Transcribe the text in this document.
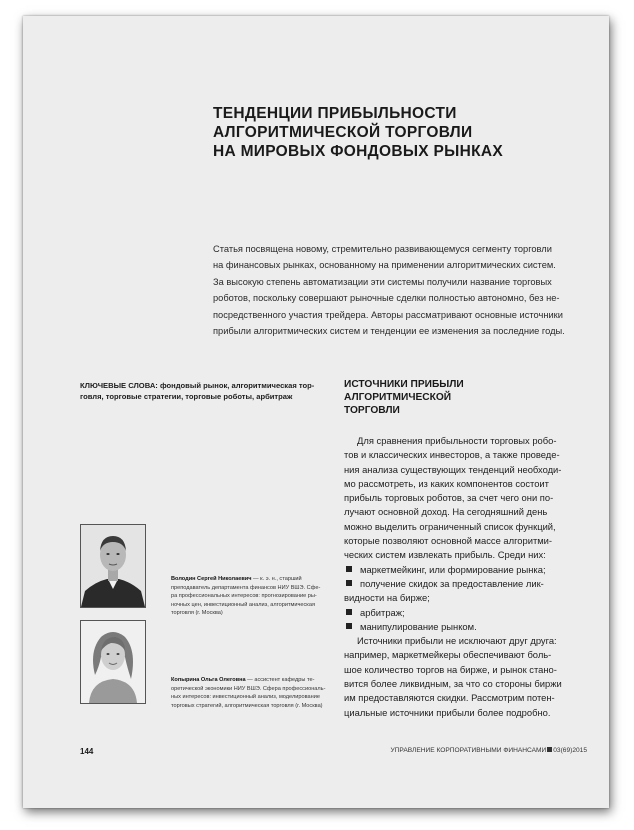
ТЕНДЕНЦИИ ПРИБЫЛЬНОСТИ
АЛГОРИТМИЧЕСКОЙ ТОРГОВЛИ
НА МИРОВЫХ ФОНДОВЫХ РЫНКАХ
Статья посвящена новому, стремительно развивающемуся сегменту торговли
на финансовых рынках, основанному на применении алгоритмических систем.
За высокую степень автоматизации эти системы получили название торговых
роботов, поскольку совершают рыночные сделки полностью автономно, без не-
посредственного участия трейдера. Авторы рассматривают основные источники
прибыли алгоритмических систем и тенденции ее изменения за последние годы.
КЛЮЧЕВЫЕ СЛОВА: фондовый рынок, алгоритмическая тор-
говля, торговые стратегии, торговые роботы, арбитраж
ИСТОЧНИКИ ПРИБЫЛИ
АЛГОРИТМИЧЕСКОЙ
ТОРГОВЛИ
Для сравнения прибыльности торговых робо-
тов и классических инвесторов, а также проведе-
ния анализа существующих тенденций необходи-
мо рассмотреть, из каких компонентов состоит
прибыль торговых роботов, за счет чего они по-
лучают основной доход. На сегодняшний день
можно выделить ограниченный список функций,
которые позволяют основной массе алгоритми-
ческих систем извлекать прибыль. Среди них:
маркетмейкинг, или формирование рынка;
получение скидок за предоставление лик-
видности на бирже;
арбитраж;
манипулирование рынком.
Источники прибыли не исключают друг друга:
например, маркетмейкеры обеспечивают боль-
шое количество торгов на бирже, и рынок стано-
вится более ликвидным, за что со стороны биржи
им предоставляются скидки. Рассмотрим потен-
циальные источники прибыли более подробно.
Володин Сергей Николаевич — к. э. н., старший
преподаватель департамента финансов НИУ ВШЭ. Сфе-
ра профессиональных интересов: прогнозирование ры-
ночных цен, инвестиционный анализ, алгоритмическая
торговля (г. Москва)
Копырина Ольга Олеговна — ассистент кафедры те-
оретической экономики НИУ ВШЭ. Сфера профессиональ-
ных интересов: инвестиционный анализ, моделирование
торговых стратегий, алгоритмическая торговля (г. Москва)
144	УПРАВЛЕНИЕ КОРПОРАТИВНЫМИ ФИНАНСАМИ 03(69)2015
